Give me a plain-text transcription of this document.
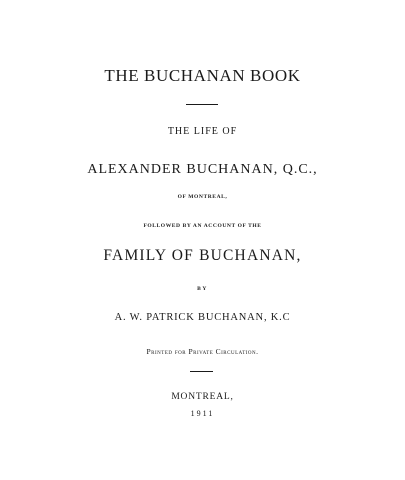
THE BUCHANAN BOOK
THE LIFE OF
ALEXANDER BUCHANAN, Q.C.,
OF MONTREAL,
FOLLOWED BY AN ACCOUNT OF THE
FAMILY OF BUCHANAN,
BY
A. W. PATRICK BUCHANAN, K.C
Printed for Private Circulation.
MONTREAL,
1911
